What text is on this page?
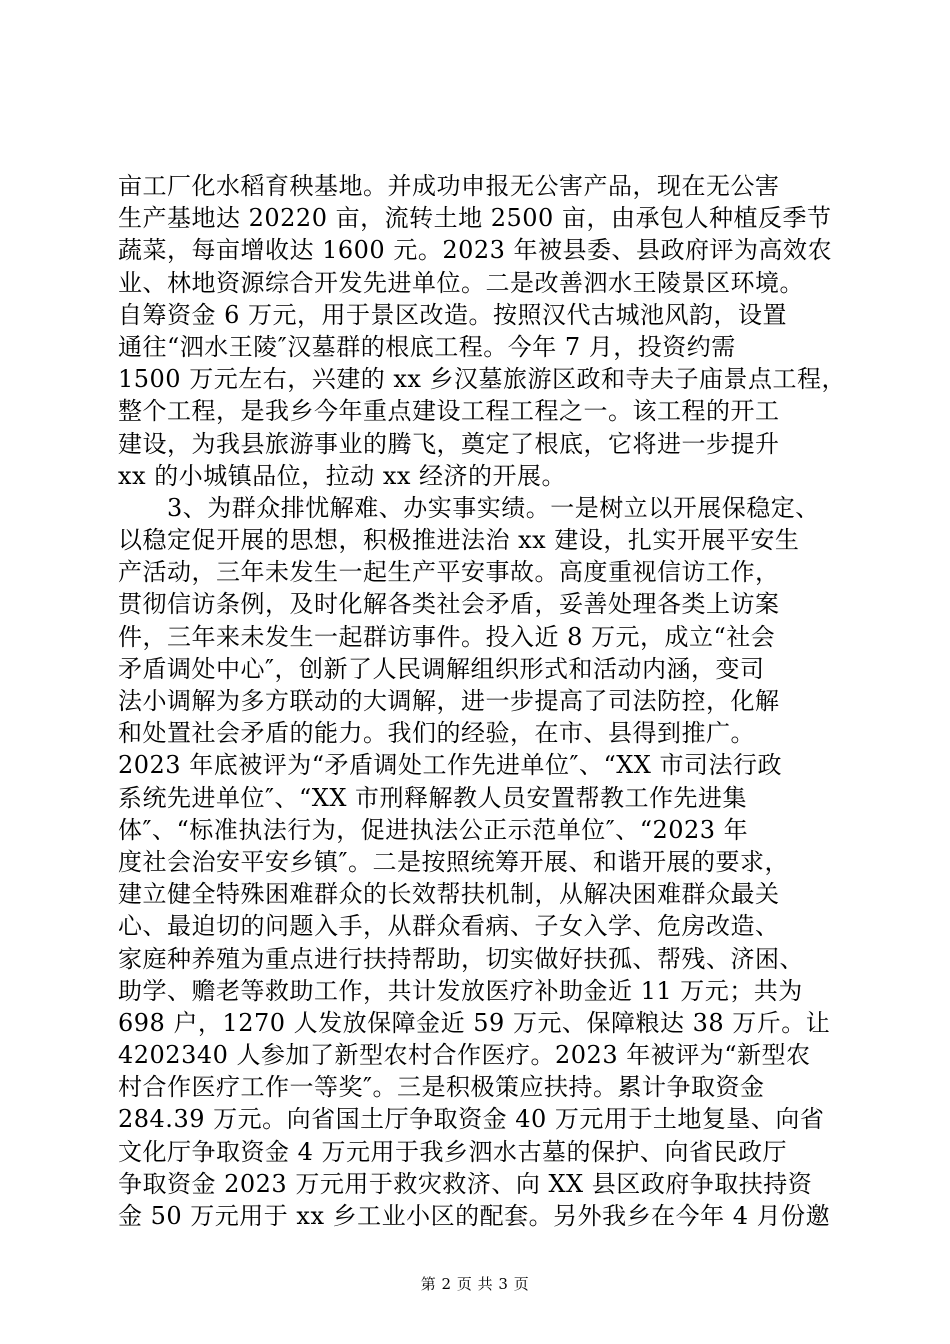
亩工厂化水稻育秧基地。并成功申报无公害产品，现在无公害
生产基地达 20220 亩，流转土地 2500 亩，由承包人种植反季节
蔬菜，每亩增收达 1600 元。2023 年被县委、县政府评为高效农
业、林地资源综合开发先进单位。二是改善泗水王陵景区环境。
自筹资金 6 万元，用于景区改造。按照汉代古城池风韵，设置
通往“泗水王陵″汉墓群的根底工程。今年 7 月，投资约需
1500 万元左右，兴建的 xx 乡汉墓旅游区政和寺夫子庙景点工程，
整个工程，是我乡今年重点建设工程工程之一。该工程的开工
建设，为我县旅游事业的腾飞，奠定了根底，它将进一步提升
xx 的小城镇品位，拉动 xx 经济的开展。
3、为群众排忧解难、办实事实绩。一是树立以开展保稳定、
以稳定促开展的思想，积极推进法治 xx 建设，扎实开展平安生
产活动，三年未发生一起生产平安事故。高度重视信访工作，
贯彻信访条例，及时化解各类社会矛盾，妥善处理各类上访案
件，三年来未发生一起群访事件。投入近 8 万元，成立“社会
矛盾调处中心″，创新了人民调解组织形式和活动内涵，变司
法小调解为多方联动的大调解，进一步提高了司法防控，化解
和处置社会矛盾的能力。我们的经验，在市、县得到推广。
2023 年底被评为“矛盾调处工作先进单位″、“XX 市司法行政
系统先进单位″、“XX 市刑释解教人员安置帮教工作先进集
体″、“标准执法行为，促进执法公正示范单位″、“2023 年
度社会治安平安乡镇″。二是按照统筹开展、和谐开展的要求，
建立健全特殊困难群众的长效帮扶机制，从解决困难群众最关
心、最迫切的问题入手，从群众看病、子女入学、危房改造、
家庭种养殖为重点进行扶持帮助，切实做好扶孤、帮残、济困、
助学、赡老等救助工作，共计发放医疗补助金近 11 万元；共为
698 户，1270 人发放保障金近 59 万元、保障粮达 38 万斤。让
4202340 人参加了新型农村合作医疗。2023 年被评为“新型农
村合作医疗工作一等奖″。三是积极策应扶持。累计争取资金
284.39 万元。向省国土厅争取资金 40 万元用于土地复垦、向省
文化厅争取资金 4 万元用于我乡泗水古墓的保护、向省民政厅
争取资金 2023 万元用于救灾救济、向 XX 县区政府争取扶持资
金 50 万元用于 xx 乡工业小区的配套。另外我乡在今年 4 月份邀
第 2 页 共 3 页
